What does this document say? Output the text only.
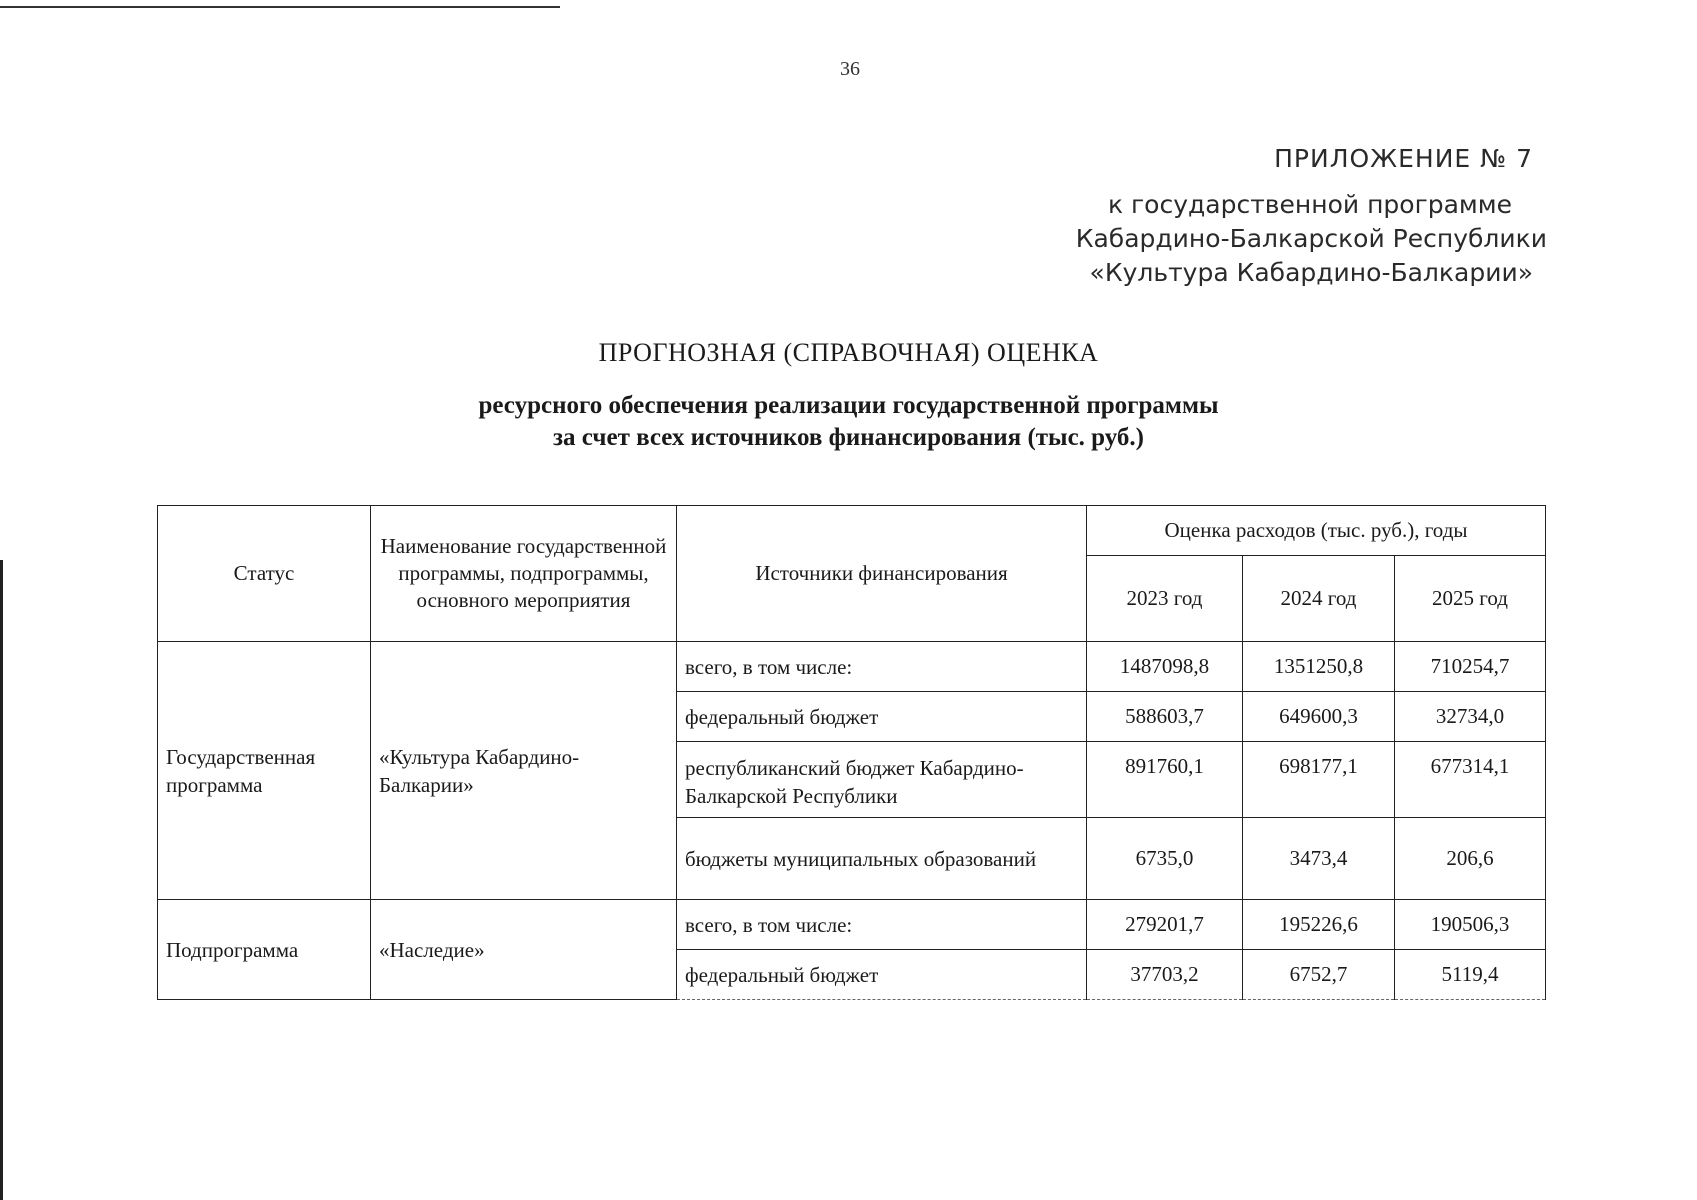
36
ПРИЛОЖЕНИЕ № 7
к государственной программе
Кабардино-Балкарской Республики
«Культура Кабардино-Балкарии»
ПРОГНОЗНАЯ (СПРАВОЧНАЯ) ОЦЕНКА
ресурсного обеспечения реализации государственной программы
за счет всех источников финансирования (тыс. руб.)
Статус	Наименование государственной программы, подпрограммы, основного мероприятия	Источники финансирования	Оценка расходов (тыс. руб.), годы		
			2023 год	2024 год	2025 год
Государственная программа	«Культура Кабардино-Балкарии»	всего, в том числе:	1487098,8	1351250,8	710254,7
		федеральный бюджет	588603,7	649600,3	32734,0
		республиканский бюджет Кабардино-Балкарской Республики	891760,1	698177,1	677314,1
		бюджеты муниципальных образований	6735,0	3473,4	206,6
Подпрограмма	«Наследие»	всего, в том числе:	279201,7	195226,6	190506,3
		федеральный бюджет	37703,2	6752,7	5119,4
